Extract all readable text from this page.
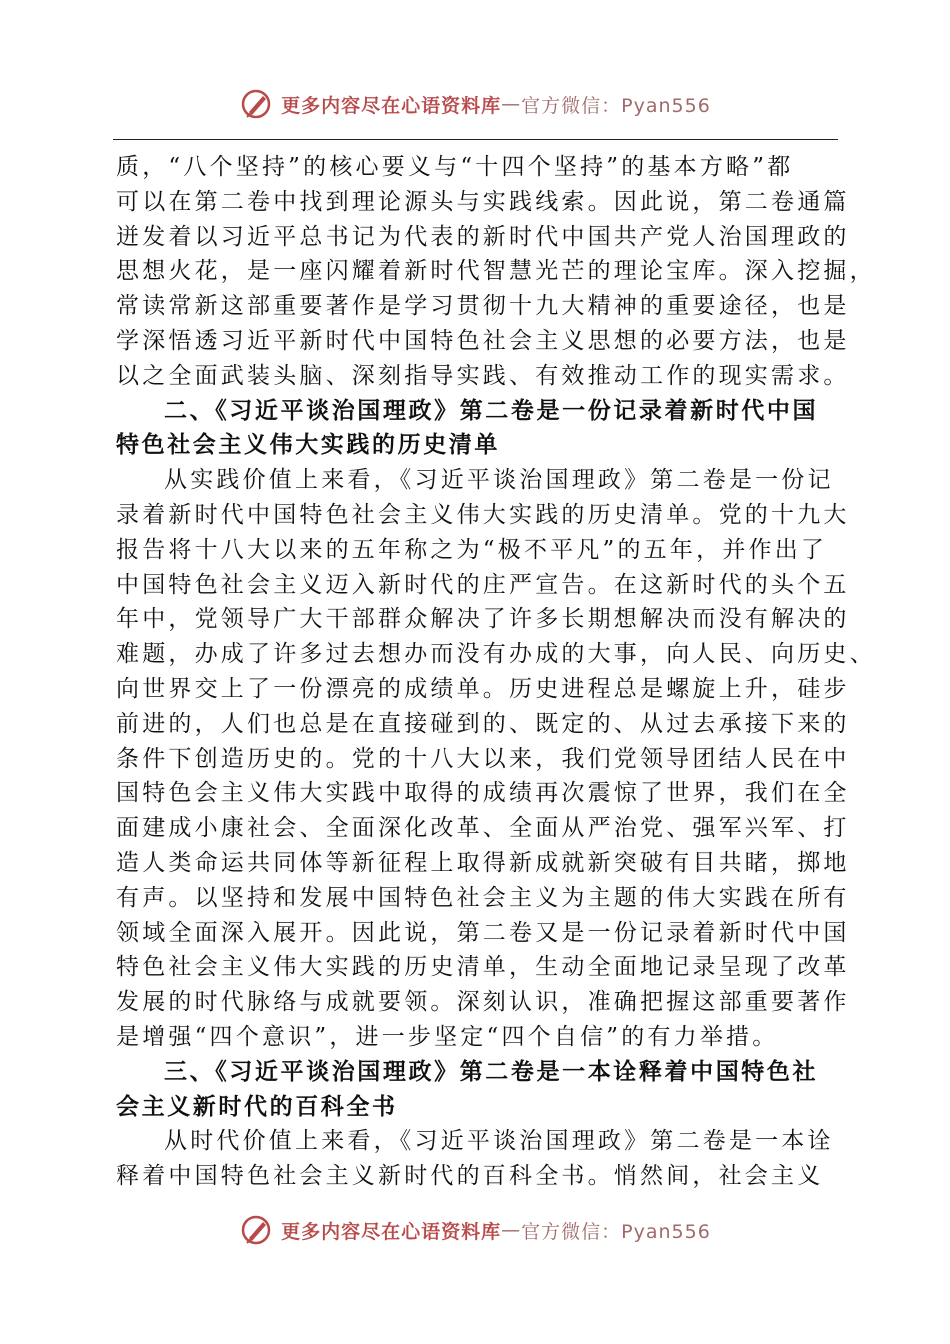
更多内容尽在心语资料库 — 官方微信：Pyan556
质，“八个坚持”的核心要义与“十四个坚持”的基本方略”都
可以在第二卷中找到理论源头与实践线索。因此说，第二卷通篇
迸发着以习近平总书记为代表的新时代中国共产党人治国理政的
思想火花，是一座闪耀着新时代智慧光芒的理论宝库。深入挖掘，
常读常新这部重要著作是学习贯彻十九大精神的重要途径，也是
学深悟透习近平新时代中国特色社会主义思想的必要方法，也是
以之全面武装头脑、深刻指导实践、有效推动工作的现实需求。
二、《习近平谈治国理政》第二卷是一份记录着新时代中国
特色社会主义伟大实践的历史清单
从实践价值上来看，《习近平谈治国理政》第二卷是一份记
录着新时代中国特色社会主义伟大实践的历史清单。党的十九大
报告将十八大以来的五年称之为“极不平凡”的五年，并作出了
中国特色社会主义迈入新时代的庄严宣告。在这新时代的头个五
年中，党领导广大干部群众解决了许多长期想解决而没有解决的
难题，办成了许多过去想办而没有办成的大事，向人民、向历史、
向世界交上了一份漂亮的成绩单。历史进程总是螺旋上升，硅步
前进的，人们也总是在直接碰到的、既定的、从过去承接下来的
条件下创造历史的。党的十八大以来，我们党领导团结人民在中
国特色会主义伟大实践中取得的成绩再次震惊了世界，我们在全
面建成小康社会、全面深化改革、全面从严治党、强军兴军、打
造人类命运共同体等新征程上取得新成就新突破有目共睹，掷地
有声。以坚持和发展中国特色社会主义为主题的伟大实践在所有
领域全面深入展开。因此说，第二卷又是一份记录着新时代中国
特色社会主义伟大实践的历史清单，生动全面地记录呈现了改革
发展的时代脉络与成就要领。深刻认识，准确把握这部重要著作
是增强“四个意识”，进一步坚定“四个自信”的有力举措。
三、《习近平谈治国理政》第二卷是一本诠释着中国特色社
会主义新时代的百科全书
从时代价值上来看，《习近平谈治国理政》第二卷是一本诠
释着中国特色社会主义新时代的百科全书。悄然间，社会主义
更多内容尽在心语资料库 — 官方微信：Pyan556
